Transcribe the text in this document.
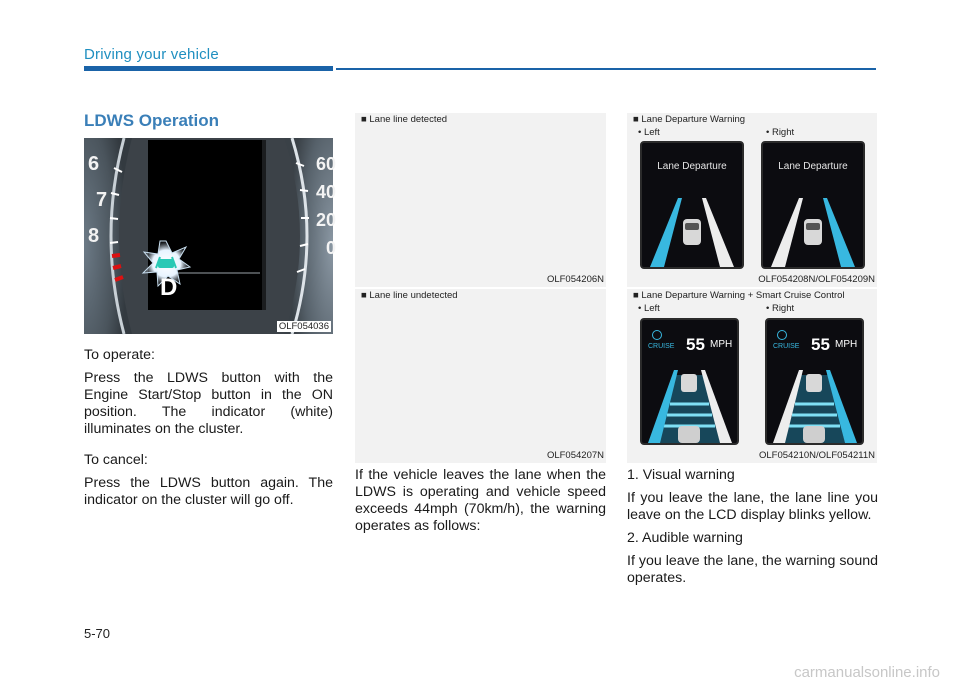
Driving your vehicle
LDWS Operation
6
7
8
60
40
20
0
D
OLF054036

To operate:

Press the LDWS button with the Engine Start/Stop button in the ON position. The indicator (white) illuminates on the cluster.

To cancel:

Press the LDWS button again. The indicator on the cluster will go off.

■ Lane line detected
OLF054206N
■ Lane line undetected
OLF054207N
If the vehicle leaves the lane when the LDWS is operating and vehicle speed exceeds 44mph (70km/h), the warning operates as follows:
■ Lane Departure Warning
• Left	• Right
Lane Departure	Lane Departure
OLF054208N/OLF054209N
■ Lane Departure Warning + Smart Cruise Control
• Left	• Right
CRUISE 55 MPH	CRUISE 55 MPH
OLF054210N/OLF054211N

1. Visual warning

If you leave the lane, the lane line you leave on the LCD display blinks yellow.

2. Audible warning

If you leave the lane, the warning sound operates.

5-70
carmanualsonline.info
